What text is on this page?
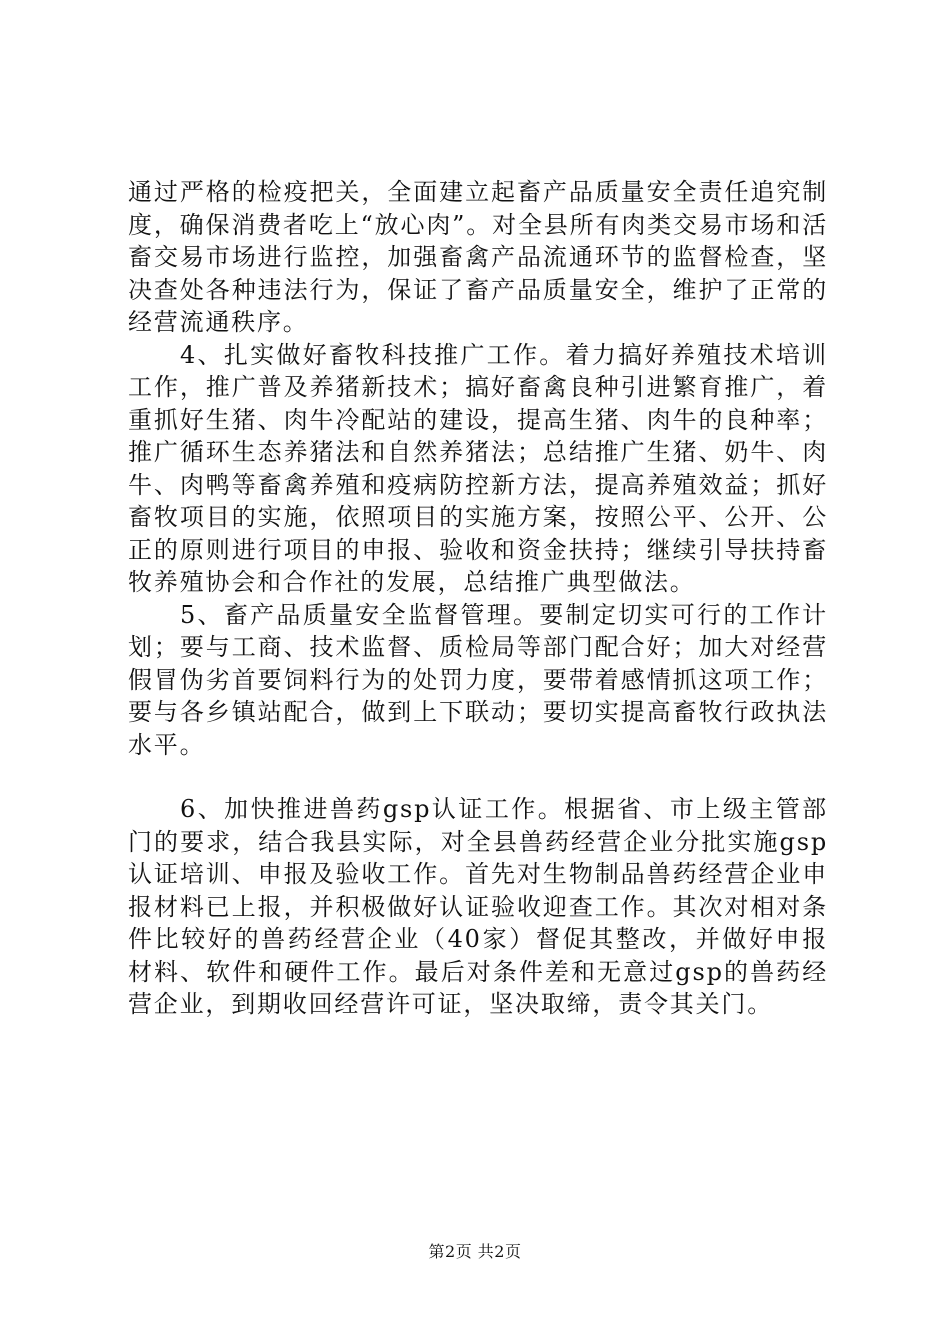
通过严格的检疫把关，全面建立起畜产品质量安全责任追究制度，确保消费者吃上“放心肉”。对全县所有肉类交易市场和活畜交易市场进行监控，加强畜禽产品流通环节的监督检查，坚决查处各种违法行为，保证了畜产品质量安全，维护了正常的经营流通秩序。

4、扎实做好畜牧科技推广工作。着力搞好养殖技术培训工作，推广普及养猪新技术；搞好畜禽良种引进繁育推广，着重抓好生猪、肉牛冷配站的建设，提高生猪、肉牛的良种率；推广循环生态养猪法和自然养猪法；总结推广生猪、奶牛、肉牛、肉鸭等畜禽养殖和疫病防控新方法，提高养殖效益；抓好畜牧项目的实施，依照项目的实施方案，按照公平、公开、公正的原则进行项目的申报、验收和资金扶持；继续引导扶持畜牧养殖协会和合作社的发展，总结推广典型做法。

5、畜产品质量安全监督管理。要制定切实可行的工作计划；要与工商、技术监督、质检局等部门配合好；加大对经营假冒伪劣首要饲料行为的处罚力度，要带着感情抓这项工作；要与各乡镇站配合，做到上下联动；要切实提高畜牧行政执法水平。

6、加快推进兽药gsp认证工作。根据省、市上级主管部门的要求，结合我县实际，对全县兽药经营企业分批实施gsp认证培训、申报及验收工作。首先对生物制品兽药经营企业申报材料已上报，并积极做好认证验收迎查工作。其次对相对条件比较好的兽药经营企业（40家）督促其整改，并做好申报材料、软件和硬件工作。最后对条件差和无意过gsp的兽药经营企业，到期收回经营许可证，坚决取缔，责令其关门。

第2页 共2页
